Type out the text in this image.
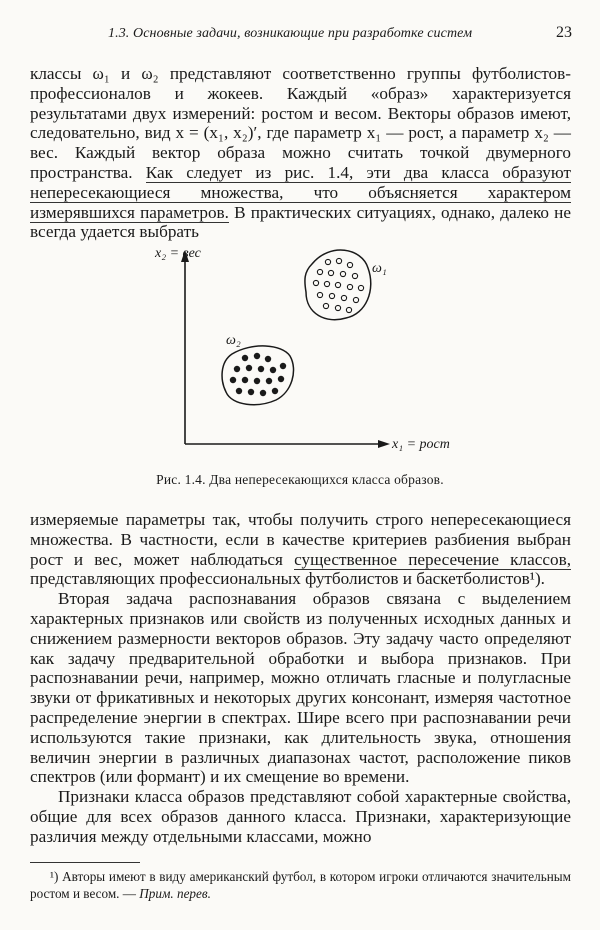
1.3. Основные задачи, возникающие при разработке систем	23

классы ω₁ и ω₂ представляют соответственно группы футболистов-профессионалов и жокеев. Каждый «образ» характеризуется результатами двух измерений: ростом и весом. Векторы образов имеют, следовательно, вид x = (x₁, x₂)′, где параметр x₁ — рост, а параметр x₂ — вес. Каждый вектор образа можно считать точкой двумерного пространства. Как следует из рис. 1.4, эти два класса образуют непересекающиеся множества, что объясняется характером измерявшихся параметров. В практических ситуациях, однако, далеко не всегда удается выбрать

x₂ = вес
x₁ = рост
ω₁
ω₂
Рис. 1.4. Два непересекающихся класса образов.

измеряемые параметры так, чтобы получить строго непересекающиеся множества. В частности, если в качестве критериев разбиения выбран рост и вес, может наблюдаться существенное пересечение классов, представляющих профессиональных футболистов и баскетболистов¹).

Вторая задача распознавания образов связана с выделением характерных признаков или свойств из полученных исходных данных и снижением размерности векторов образов. Эту задачу часто определяют как задачу предварительной обработки и выбора признаков. При распознавании речи, например, можно отличать гласные и полугласные звуки от фрикативных и некоторых других консонант, измеряя частотное распределение энергии в спектрах. Шире всего при распознавании речи используются такие признаки, как длительность звука, отношения величин энергии в различных диапазонах частот, расположение пиков спектров (или формант) и их смещение во времени.

Признаки класса образов представляют собой характерные свойства, общие для всех образов данного класса. Признаки, характеризующие различия между отдельными классами, можно

¹) Авторы имеют в виду американский футбол, в котором игроки отличаются значительным ростом и весом. — Прим. перев.
